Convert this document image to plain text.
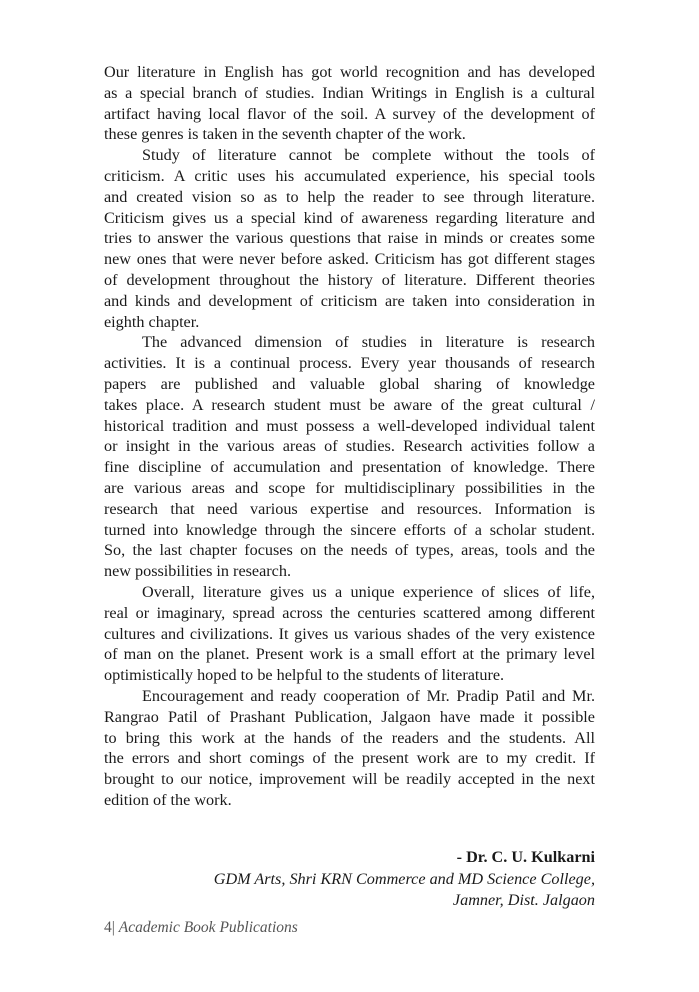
Our literature in English has got world recognition and has developed
as a special branch of studies. Indian Writings in English is a cultural
artifact having local flavor of the soil. A survey of the development of
these genres is taken in the seventh chapter of the work.
Study of literature cannot be complete without the tools of
criticism. A critic uses his accumulated experience, his special tools
and created vision so as to help the reader to see through literature.
Criticism gives us a special kind of awareness regarding literature and
tries to answer the various questions that raise in minds or creates some
new ones that were never before asked. Criticism has got different stages
of development throughout the history of literature. Different theories
and kinds and development of criticism are taken into consideration in
eighth chapter.
The advanced dimension of studies in literature is research
activities. It is a continual process. Every year thousands of research
papers are published and valuable global sharing of knowledge
takes place. A research student must be aware of the great cultural /
historical tradition and must possess a well-developed individual talent
or insight in the various areas of studies. Research activities follow a
fine discipline of accumulation and presentation of knowledge. There
are various areas and scope for multidisciplinary possibilities in the
research that need various expertise and resources. Information is
turned into knowledge through the sincere efforts of a scholar student.
So, the last chapter focuses on the needs of types, areas, tools and the
new possibilities in research.
Overall, literature gives us a unique experience of slices of life,
real or imaginary, spread across the centuries scattered among different
cultures and civilizations. It gives us various shades of the very existence
of man on the planet. Present work is a small effort at the primary level
optimistically hoped to be helpful to the students of literature.
Encouragement and ready cooperation of Mr. Pradip Patil and Mr.
Rangrao Patil of Prashant Publication, Jalgaon have made it possible
to bring this work at the hands of the readers and the students. All
the errors and short comings of the present work are to my credit. If
brought to our notice, improvement will be readily accepted in the next
edition of the work.
- Dr. C. U. Kulkarni
GDM Arts, Shri KRN Commerce and MD Science College,
Jamner, Dist. Jalgaon
4| Academic Book Publications
